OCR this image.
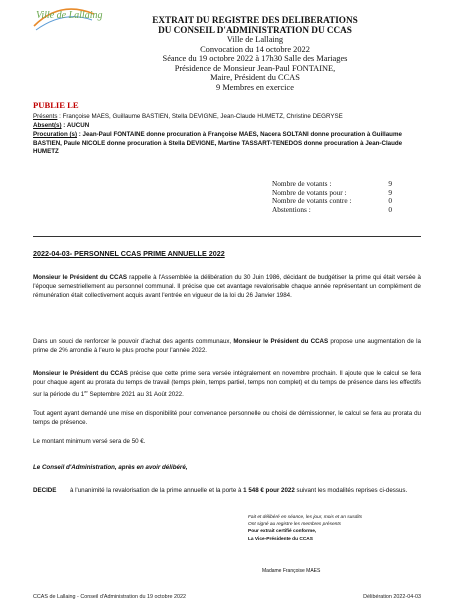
Ville de Lallaing	EXTRAIT DU REGISTRE DES DELIBERATIONS
DU CONSEIL D'ADMINISTRATION DU CCAS
Ville de Lallaing
Convocation du 14 octobre 2022
Séance du 19 octobre 2022 à 17h30 Salle des Mariages
Présidence de Monsieur Jean-Paul FONTAINE,
Maire, Président du CCAS
9 Membres en exercice
PUBLIE LE
Présents : Françoise MAES, Guillaume BASTIEN, Stella DEVIGNE, Jean-Claude HUMETZ, Christine DEGRYSE
Absent(s) : AUCUN
Procuration (s) : Jean-Paul FONTAINE donne procuration à Françoise MAES, Nacera SOLTANI donne procuration à Guillaume BASTIEN, Paule NICOLE donne procuration à Stella DEVIGNE, Martine TASSART-TENEDOS donne procuration à Jean-Claude HUMETZ
Nombre de votants :	9
Nombre de votants pour :	9
Nombre de votants contre :	0
Abstentions :	0
2022-04-03- PERSONNEL CCAS PRIME ANNUELLE 2022
Monsieur le Président du CCAS rappelle à l'Assemblée la délibération du 30 Juin 1986, décidant de budgétiser la prime qui était versée à l'époque semestriellement au personnel communal. Il précise que cet avantage revalorisable chaque année représentant un complément de rémunération était collectivement acquis avant l'entrée en vigueur de la loi du 26 Janvier 1984.
Dans un souci de renforcer le pouvoir d'achat des agents communaux, Monsieur le Président du CCAS propose une augmentation de la prime de 2% arrondie à l'euro le plus proche pour l'année 2022.
Monsieur le Président du CCAS précise que cette prime sera versée intégralement en novembre prochain. Il ajoute que le calcul se fera pour chaque agent au prorata du temps de travail (temps plein, temps partiel, temps non complet) et du temps de présence dans les effectifs sur la période du 1er Septembre 2021 au 31 Août 2022.
Tout agent ayant demandé une mise en disponibilité pour convenance personnelle ou choisi de démissionner, le calcul se fera au prorata du temps de présence.
Le montant minimum versé sera de 50 €.
Le Conseil d'Administration, après en avoir délibéré,
DECIDE à l'unanimité la revalorisation de la prime annuelle et la porte à 1 548 € pour 2022 suivant les modalités reprises ci-dessus.
Fait et délibéré en séance, les jour, mois et an susdits
Ont signé au registre les membres présents
Pour extrait certifié conforme,
La Vice-Présidente du CCAS
Madame Françoise MAES
CCAS de Lallaing - Conseil d'Administration du 19 octobre 2022	Délibération 2022-04-03
